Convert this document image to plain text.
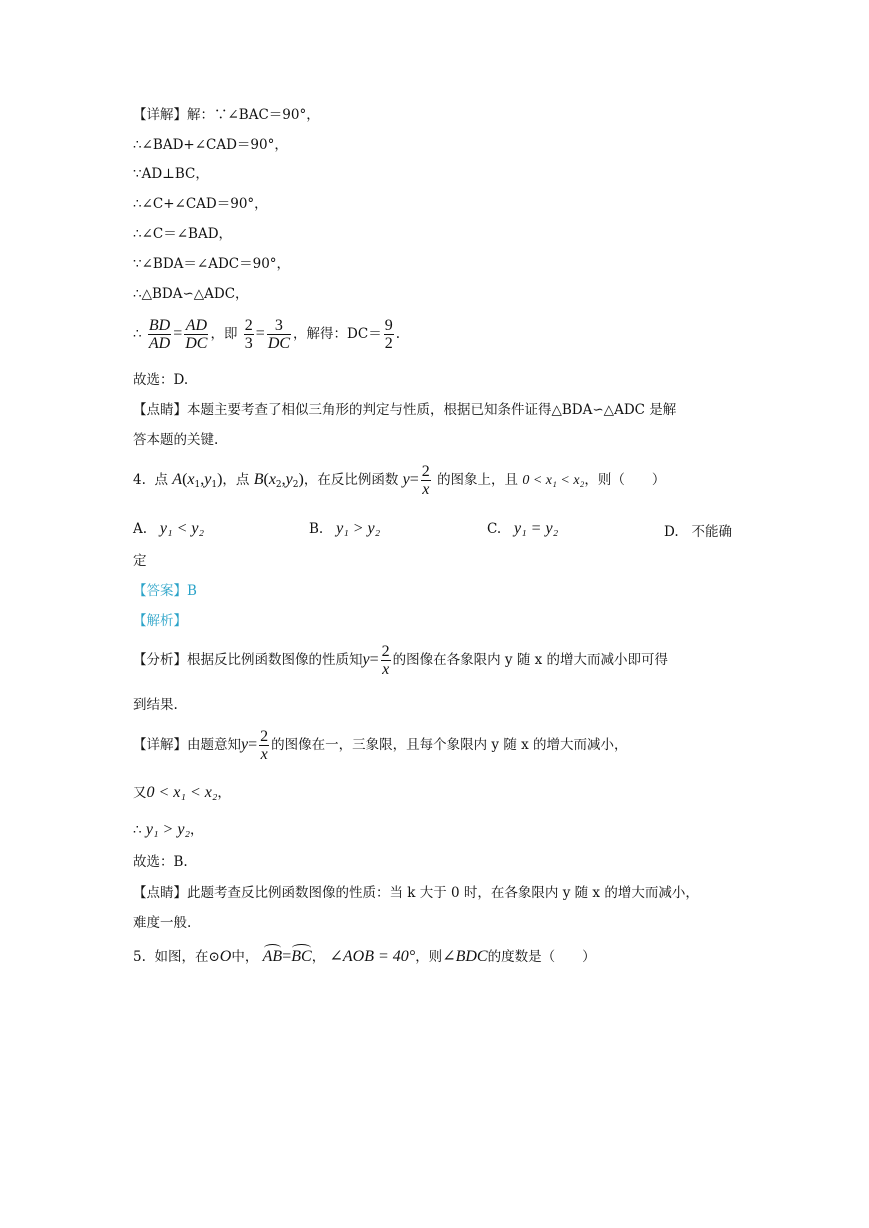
【详解】解：∵∠BAC＝90°，
∴∠BAD+∠CAD＝90°，
∵AD⊥BC，
∴∠C+∠CAD＝90°，
∴∠C＝∠BAD，
∵∠BDA＝∠ADC＝90°，
∴△BDA∽△ADC，
∴ $\frac{BD}{AD} = \frac{AD}{DC}$ ，即 $\frac{2}{3} = \frac{3}{DC}$ ，解得：$DC= \frac{9}{2}$ .
故选：D.
【点睛】本题主要考查了相似三角形的判定与性质，根据已知条件证得△BDA∽△ADC 是解
答本题的关键.
4. 点 $A(x_1,y_1)$，点 $B(x_2,y_2)$，在反比例函数 $y= \frac{2}{x}$ 的图象上，且 0 < x₁ < x₂，则（　　）
A. y₁ < y₂	B. y₁ > y₂	C. y₁ = y₂	D. 不能确
定
【答案】B
【解析】
【分析】根据反比例函数图像的性质知$y= \frac{2}{x}$ 的图像在各象限内 y 随 x 的增大而减小即可得
到结果.
【详解】由题意知$y= \frac{2}{x}$ 的图像在一，三象限，且每个象限内 y 随 x 的增大而减小，
又0 < x₁ < x₂，
∴ y₁ > y₂，
故选：B.
【点睛】此题考查反比例函数图像的性质：当 k 大于 0 时，在各象限内 y 随 x 的增大而减小，
难度一般.
5. 如图，在⊙O中， AB=BC， ∠AOB = 40°，则∠BDC的度数是（　　）
